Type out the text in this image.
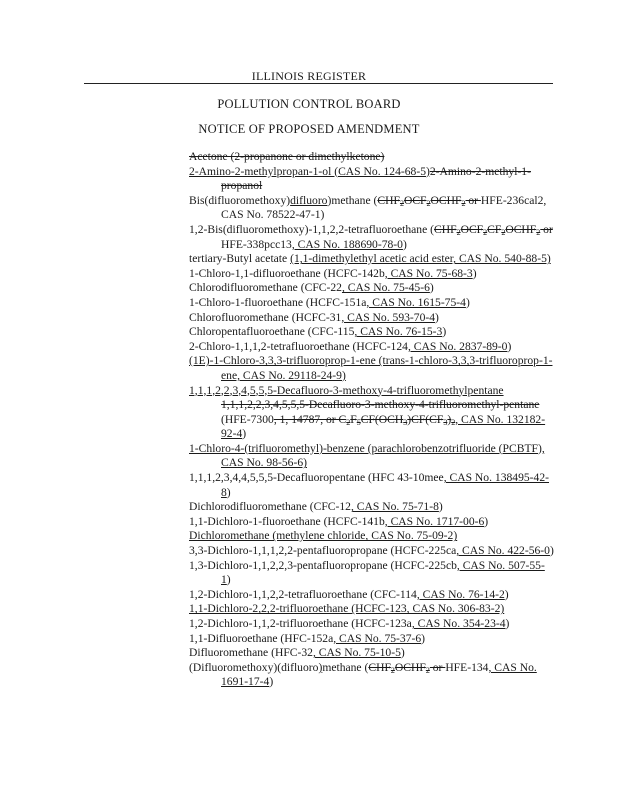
ILLINOIS REGISTER
POLLUTION CONTROL BOARD
NOTICE OF PROPOSED AMENDMENT

Acetone (2-propanone or dimethylketone)

2-Amino-2-methylpropan-1-ol (CAS No. 124-68-5)2-Amino-2-methyl-1-propanol

Bis(difluoromethoxy)difluoro)methane ($CHF_2OCF_2OCHF_2$ or HFE-236cal2, CAS No. 78522-47-1)

1,2-Bis(difluoromethoxy)-1,1,2,2-tetrafluoroethane ($CHF_2OCF_2CF_2OCHF_2$ or HFE-338pcc13, CAS No. 188690-78-0)

tertiary-Butyl acetate (1,1-dimethylethyl acetic acid ester, CAS No. 540-88-5)

1-Chloro-1,1-difluoroethane (HCFC-142b, CAS No. 75-68-3)

Chlorodifluoromethane (CFC-22, CAS No. 75-45-6)

1-Chloro-1-fluoroethane (HCFC-151a, CAS No. 1615-75-4)

Chlorofluoromethane (HCFC-31, CAS No. 593-70-4)

Chloropentafluoroethane (CFC-115, CAS No. 76-15-3)

2-Chloro-1,1,1,2-tetrafluoroethane (HCFC-124, CAS No. 2837-89-0)

(1E)-1-Chloro-3,3,3-trifluoroprop-1-ene (trans-1-chloro-3,3,3-trifluoroprop-1-ene, CAS No. 29118-24-9)

1,1,1,2,2,3,4,5,5,5-Decafluoro-3-methoxy-4-trifluoromethylpentane 1,1,1,2,2,3,4,5,5,5-Decafluoro-3-methoxy-4-trifluoromethyl-pentane (HFE-7300, 1, 14787, or $C_2F_5CF(OCH_3)CF(CF_3)_2$, CAS No. 132182-92-4)

1-Chloro-4-(trifluoromethyl)-benzene (parachlorobenzotrifluoride (PCBTF), CAS No. 98-56-6)

1,1,1,2,3,4,4,5,5,5-Decafluoropentane (HFC 43-10mee, CAS No. 138495-42-8)

Dichlorodifluoromethane (CFC-12, CAS No. 75-71-8)

1,1-Dichloro-1-fluoroethane (HCFC-141b, CAS No. 1717-00-6)

Dichloromethane (methylene chloride, CAS No. 75-09-2)

3,3-Dichloro-1,1,1,2,2-pentafluoropropane (HCFC-225ca, CAS No. 422-56-0)

1,3-Dichloro-1,1,2,2,3-pentafluoropropane (HCFC-225cb, CAS No. 507-55-1)

1,2-Dichloro-1,1,2,2-tetrafluoroethane (CFC-114, CAS No. 76-14-2)

1,1-Dichloro-2,2,2-trifluoroethane (HCFC-123, CAS No. 306-83-2)

1,2-Dichloro-1,1,2-trifluoroethane (HCFC-123a, CAS No. 354-23-4)

1,1-Difluoroethane (HFC-152a, CAS No. 75-37-6)

Difluoromethane (HFC-32, CAS No. 75-10-5)

(Difluoromethoxy)(difluoro)methane ($CHF_2OCHF_2$ or HFE-134, CAS No. 1691-17-4)
